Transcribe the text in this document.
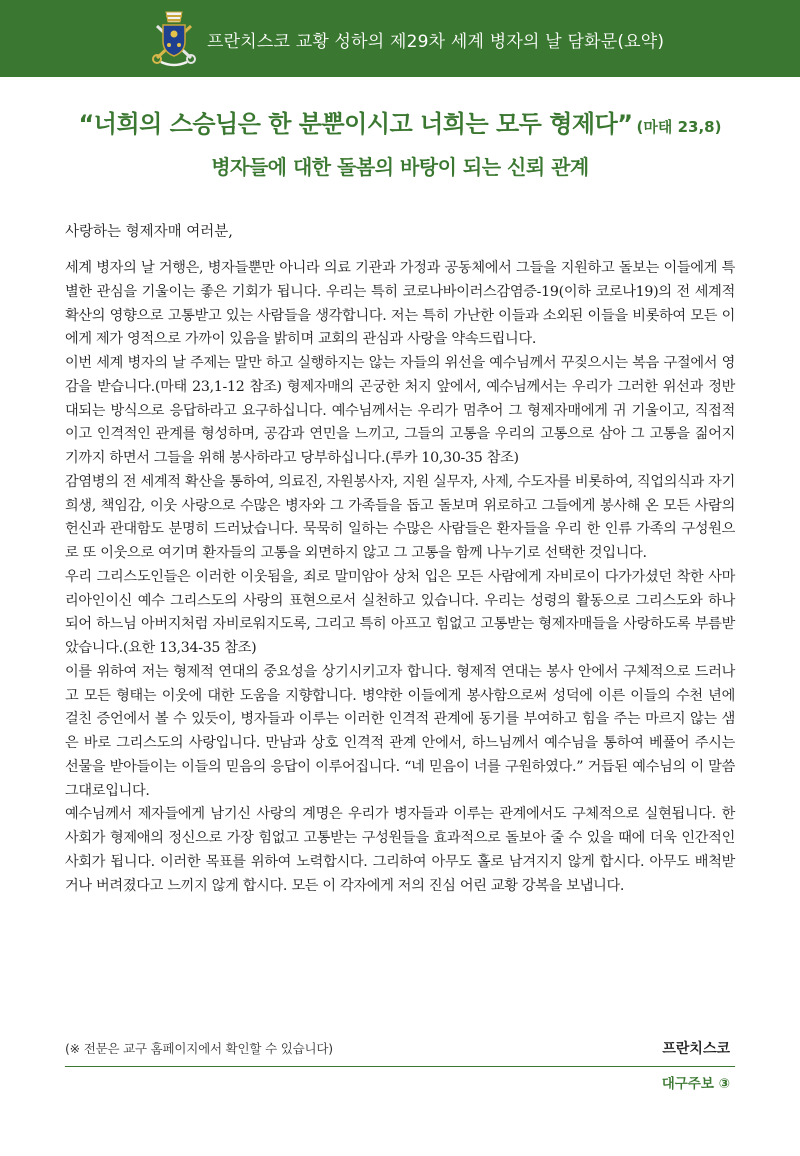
프란치스코 교황 성하의 제29차 세계 병자의 날 담화문(요약)
“너희의 스승님은 한 분뿐이시고 너희는 모두 형제다” (마태 23,8)
병자들에 대한 돌봄의 바탕이 되는 신뢰 관계
사랑하는 형제자매 여러분,

세계 병자의 날 거행은, 병자들뿐만 아니라 의료 기관과 가정과 공동체에서 그들을 지원하고 돌보는 이들에게 특별한 관심을 기울이는 좋은 기회가 됩니다. 우리는 특히 코로나바이러스감염증-19(이하 코로나19)의 전 세계적 확산의 영향으로 고통받고 있는 사람들을 생각합니다. 저는 특히 가난한 이들과 소외된 이들을 비롯하여 모든 이에게 제가 영적으로 가까이 있음을 밝히며 교회의 관심과 사랑을 약속드립니다.

이번 세계 병자의 날 주제는 말만 하고 실행하지는 않는 자들의 위선을 예수님께서 꾸짖으시는 복음 구절에서 영감을 받습니다.(마태 23,1-12 참조) 형제자매의 곤궁한 처지 앞에서, 예수님께서는 우리가 그러한 위선과 정반대되는 방식으로 응답하라고 요구하십니다. 예수님께서는 우리가 멈추어 그 형제자매에게 귀 기울이고, 직접적이고 인격적인 관계를 형성하며, 공감과 연민을 느끼고, 그들의 고통을 우리의 고통으로 삼아 그 고통을 짊어지기까지 하면서 그들을 위해 봉사하라고 당부하십니다.(루카 10,30-35 참조)

감염병의 전 세계적 확산을 통하여, 의료진, 자원봉사자, 지원 실무자, 사제, 수도자를 비롯하여, 직업의식과 자기희생, 책임감, 이웃 사랑으로 수많은 병자와 그 가족들을 돕고 돌보며 위로하고 그들에게 봉사해 온 모든 사람의 헌신과 관대함도 분명히 드러났습니다. 묵묵히 일하는 수많은 사람들은 환자들을 우리 한 인류 가족의 구성원으로 또 이웃으로 여기며 환자들의 고통을 외면하지 않고 그 고통을 함께 나누기로 선택한 것입니다.

우리 그리스도인들은 이러한 이웃됨을, 죄로 말미암아 상처 입은 모든 사람에게 자비로이 다가가셨던 착한 사마리아인이신 예수 그리스도의 사랑의 표현으로서 실천하고 있습니다. 우리는 성령의 활동으로 그리스도와 하나 되어 하느님 아버지처럼 자비로워지도록, 그리고 특히 아프고 힘없고 고통받는 형제자매들을 사랑하도록 부름받았습니다.(요한 13,34-35 참조)

이를 위하여 저는 형제적 연대의 중요성을 상기시키고자 합니다. 형제적 연대는 봉사 안에서 구체적으로 드러나고 모든 형태는 이웃에 대한 도움을 지향합니다. 병약한 이들에게 봉사함으로써 성덕에 이른 이들의 수천 년에 걸친 증언에서 볼 수 있듯이, 병자들과 이루는 이러한 인격적 관계에 동기를 부여하고 힘을 주는 마르지 않는 샘은 바로 그리스도의 사랑입니다. 만남과 상호 인격적 관계 안에서, 하느님께서 예수님을 통하여 베풀어 주시는 선물을 받아들이는 이들의 믿음의 응답이 이루어집니다. “네 믿음이 너를 구원하였다.” 거듭된 예수님의 이 말씀 그대로입니다.

예수님께서 제자들에게 남기신 사랑의 계명은 우리가 병자들과 이루는 관계에서도 구체적으로 실현됩니다. 한 사회가 형제애의 정신으로 가장 힘없고 고통받는 구성원들을 효과적으로 돌보아 줄 수 있을 때에 더욱 인간적인 사회가 됩니다. 이러한 목표를 위하여 노력합시다. 그리하여 아무도 홀로 남겨지지 않게 합시다. 아무도 배척받거나 버려졌다고 느끼지 않게 합시다. 모든 이 각자에게 저의 진심 어린 교황 강복을 보냅니다.

(※ 전문은 교구 홈페이지에서 확인할 수 있습니다)	프란치스코
대구주보 ③
